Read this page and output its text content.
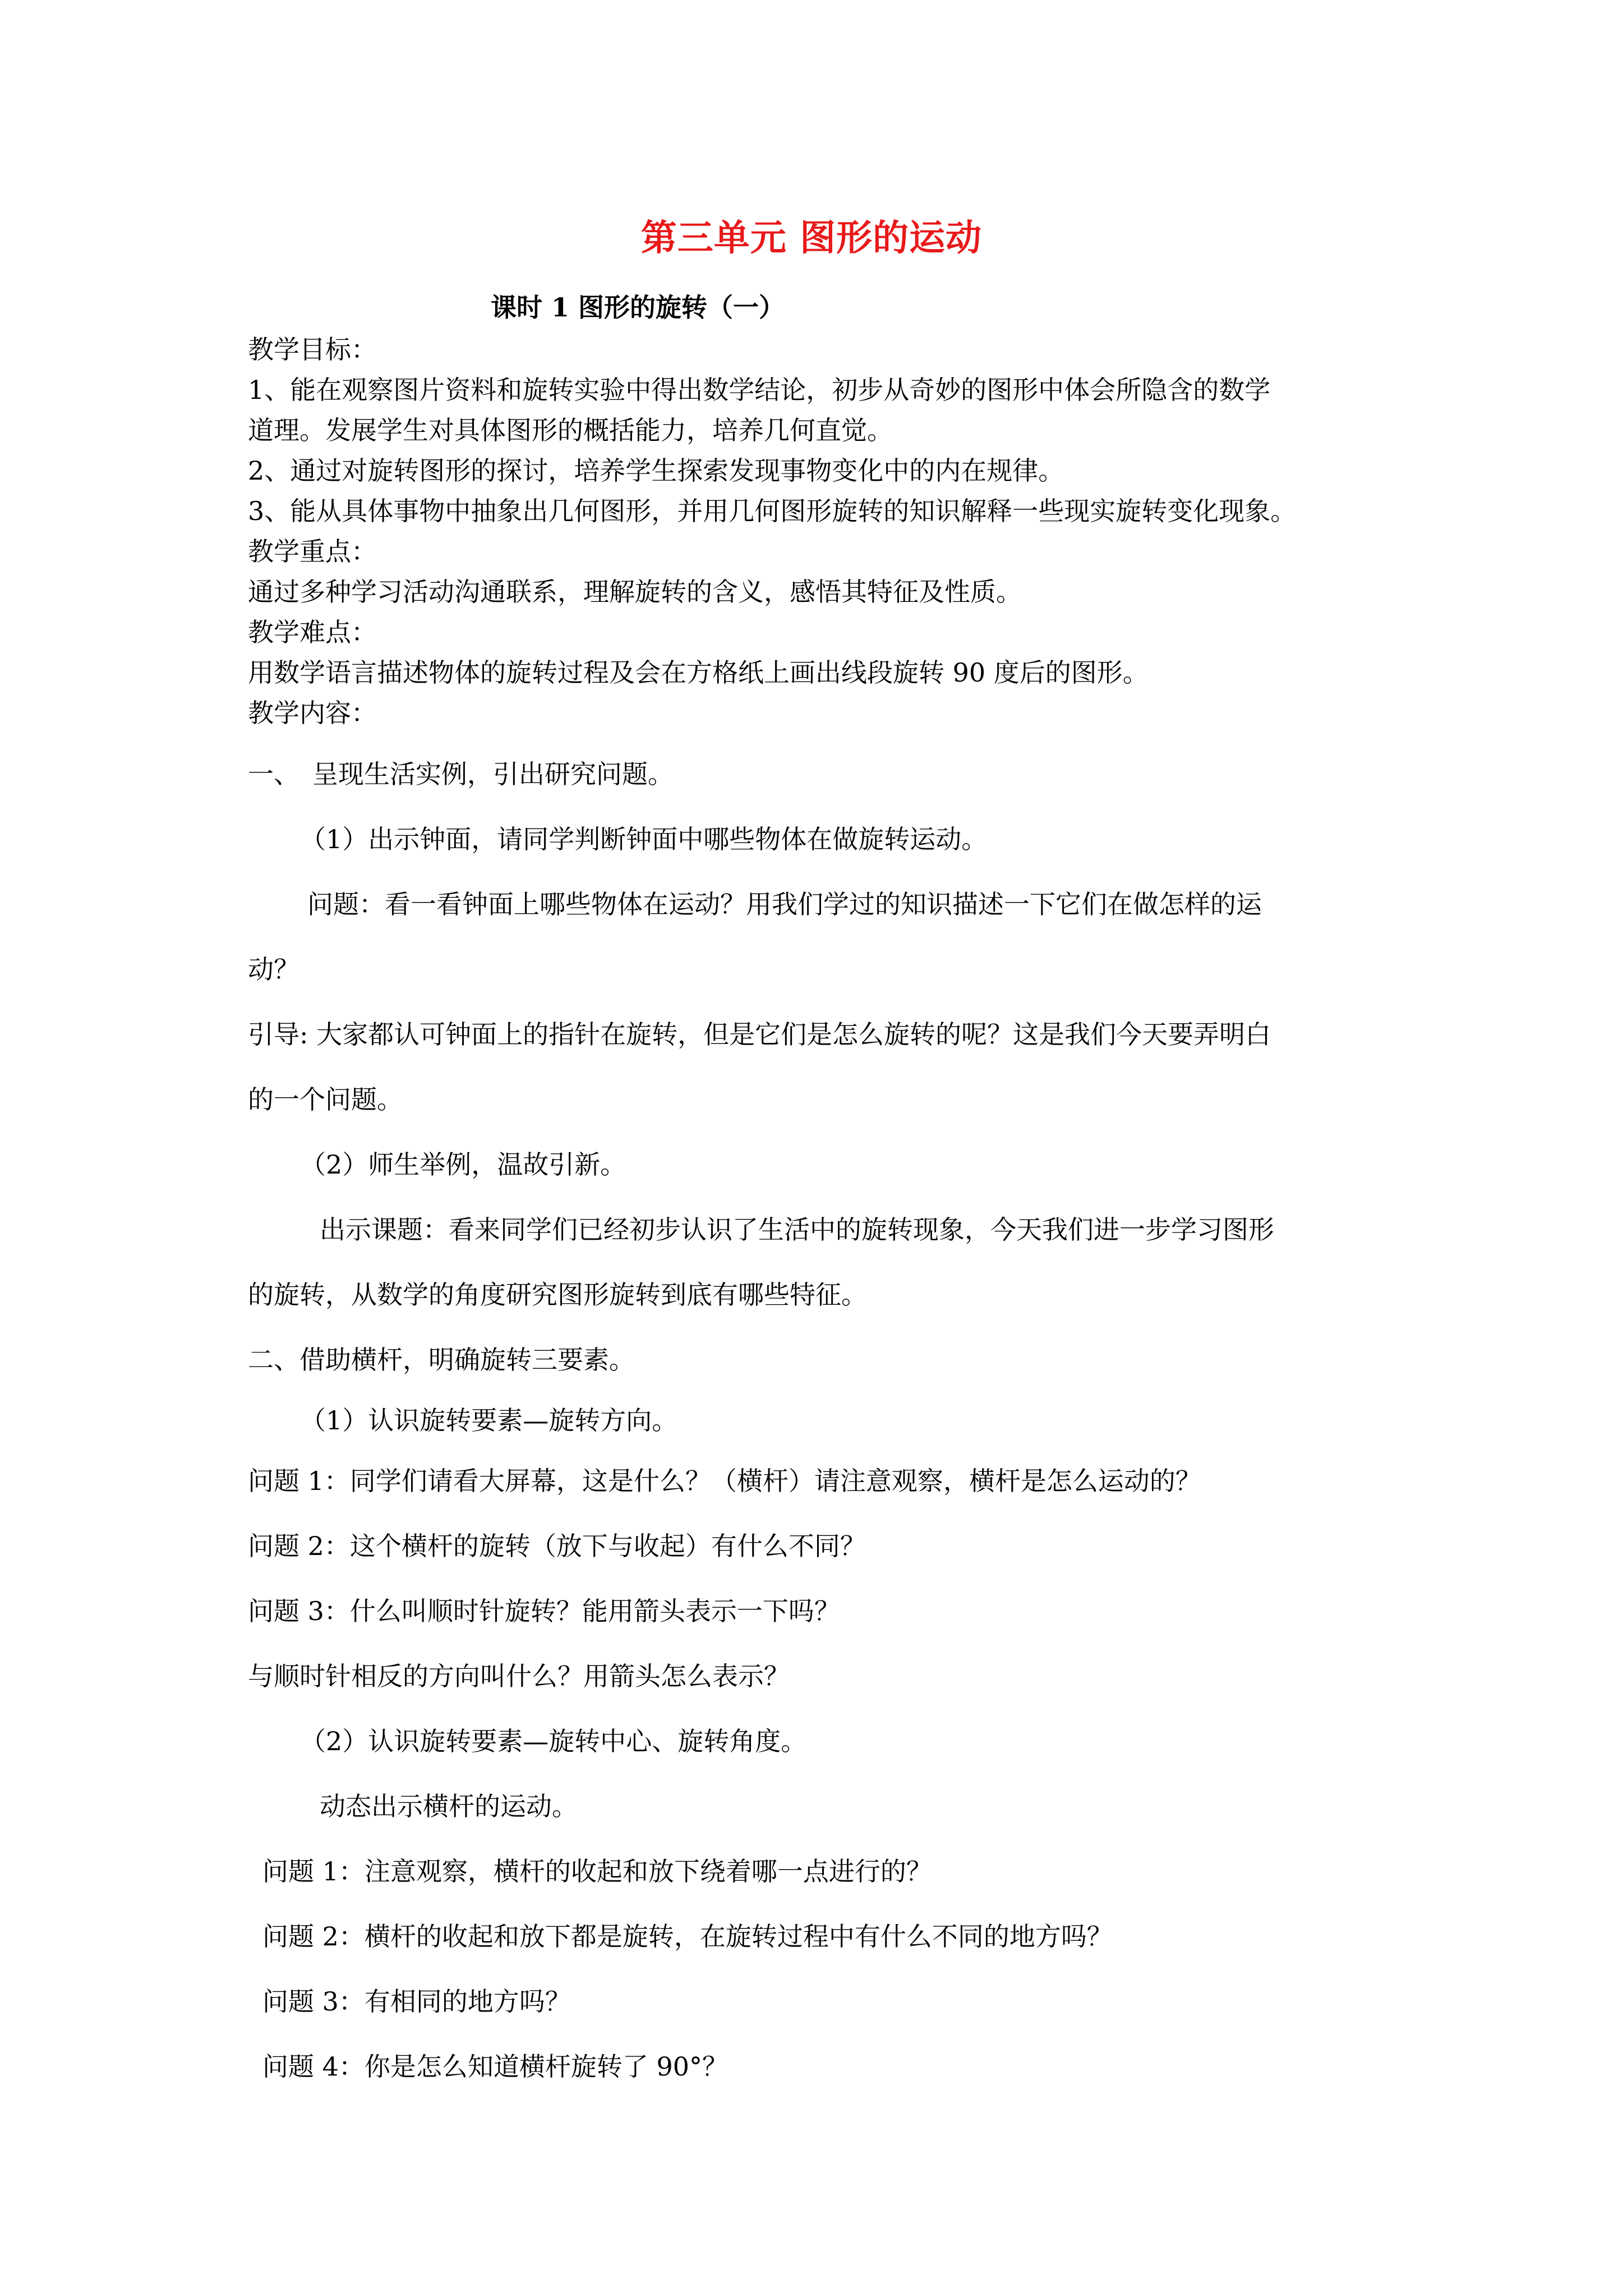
第三单元 图形的运动
课时 1 图形的旋转（一）

教学目标：

1、能在观察图片资料和旋转实验中得出数学结论，初步从奇妙的图形中体会所隐含的数学

道理。发展学生对具体图形的概括能力，培养几何直觉。

2、通过对旋转图形的探讨，培养学生探索发现事物变化中的内在规律。

3、能从具体事物中抽象出几何图形，并用几何图形旋转的知识解释一些现实旋转变化现象。

教学重点：

通过多种学习活动沟通联系，理解旋转的含义，感悟其特征及性质。

教学难点：

用数学语言描述物体的旋转过程及会在方格纸上画出线段旋转 90 度后的图形。

教学内容：

一、　呈现生活实例，引出研究问题。

（1）出示钟面，请同学判断钟面中哪些物体在做旋转运动。

问题：看一看钟面上哪些物体在运动？用我们学过的知识描述一下它们在做怎样的运

动？

引导: 大家都认可钟面上的指针在旋转，但是它们是怎么旋转的呢？这是我们今天要弄明白

的一个问题。

（2）师生举例，温故引新。

出示课题：看来同学们已经初步认识了生活中的旋转现象，今天我们进一步学习图形

的旋转，从数学的角度研究图形旋转到底有哪些特征。

二、借助横杆，明确旋转三要素。

（1）认识旋转要素—旋转方向。

问题 1：同学们请看大屏幕，这是什么？（横杆）请注意观察，横杆是怎么运动的？

问题 2：这个横杆的旋转（放下与收起）有什么不同？

问题 3：什么叫顺时针旋转？能用箭头表示一下吗？

与顺时针相反的方向叫什么？用箭头怎么表示？

（2）认识旋转要素—旋转中心、旋转角度。

动态出示横杆的运动。

问题 1：注意观察，横杆的收起和放下绕着哪一点进行的？

问题 2：横杆的收起和放下都是旋转，在旋转过程中有什么不同的地方吗？

问题 3：有相同的地方吗？

问题 4：你是怎么知道横杆旋转了 90°？
